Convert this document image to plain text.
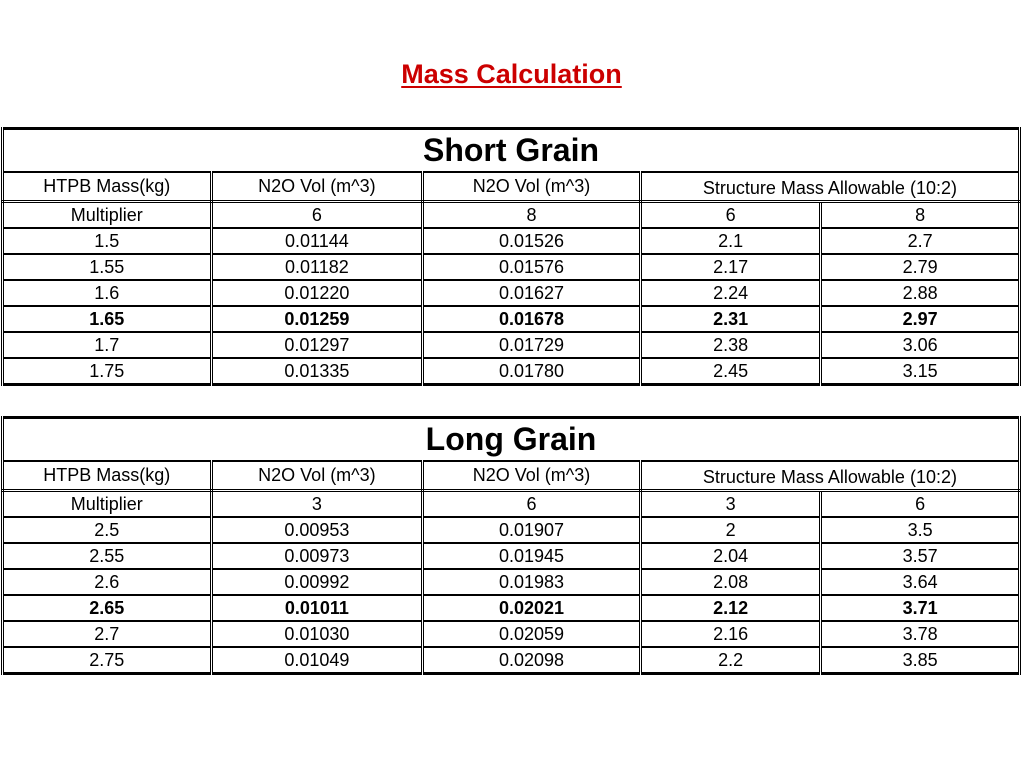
Mass Calculation
Short Grain				
HTPB Mass(kg)	N2O Vol (m^3)	N2O Vol (m^3)	Structure Mass Allowable (10:2)	
Multiplier	6	8	6	8
1.5	0.01144	0.01526	2.1	2.7
1.55	0.01182	0.01576	2.17	2.79
1.6	0.01220	0.01627	2.24	2.88
1.65	0.01259	0.01678	2.31	2.97
1.7	0.01297	0.01729	2.38	3.06
1.75	0.01335	0.01780	2.45	3.15
Long Grain				
HTPB Mass(kg)	N2O Vol (m^3)	N2O Vol (m^3)	Structure Mass Allowable (10:2)	
Multiplier	3	6	3	6
2.5	0.00953	0.01907	2	3.5
2.55	0.00973	0.01945	2.04	3.57
2.6	0.00992	0.01983	2.08	3.64
2.65	0.01011	0.02021	2.12	3.71
2.7	0.01030	0.02059	2.16	3.78
2.75	0.01049	0.02098	2.2	3.85
